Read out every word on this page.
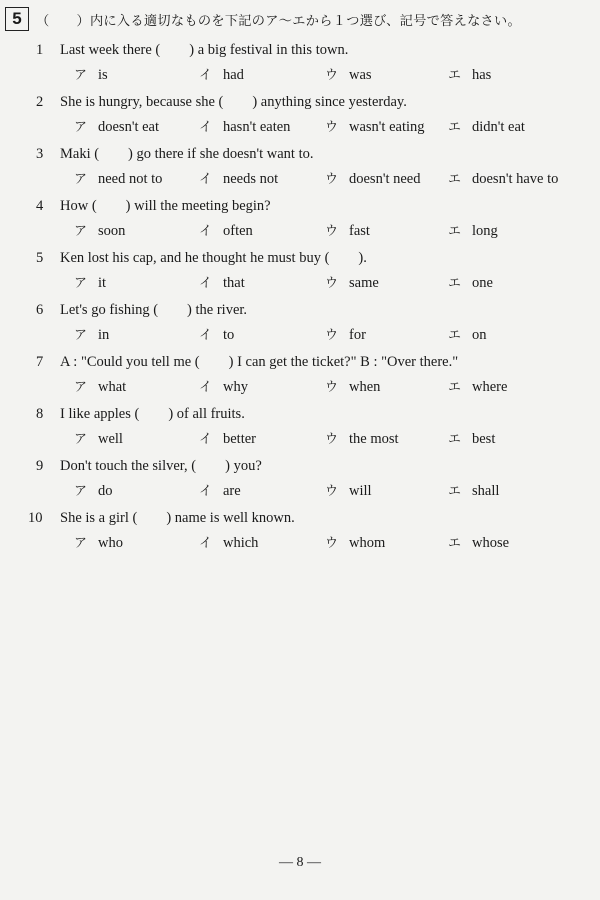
5	（　　）内に入る適切なものを下記のア～エから１つ選び、記号で答えなさい。
1 Last week there (　　) a big festival in this town.
ア is	イ had	ウ was	エ has
2 She is hungry, because she (　　) anything since yesterday.
ア doesn't eat	イ hasn't eaten	ウ wasn't eating エ didn't eat
3 Maki (　　) go there if she doesn't want to.
ア need not to	イ needs not	ウ doesn't need エ doesn't have to
4 How (　　) will the meeting begin?
ア soon	イ often	ウ fast	エ long
5 Ken lost his cap, and he thought he must buy (　　).
ア it	イ that	ウ same	エ one
6 Let's go fishing (　　) the river.
ア in	イ to	ウ for	エ on
7 A : "Could you tell me (　　) I can get the ticket?" B : "Over there."
ア what	イ why	ウ when	エ where
8 I like apples (　　) of all fruits.
ア well	イ better	ウ the most	エ best
9 Don't touch the silver, (　　) you?
ア do	イ are	ウ will	エ shall
10 She is a girl (　　) name is well known.
ア who	イ which	ウ whom	エ whose
— 8 —
